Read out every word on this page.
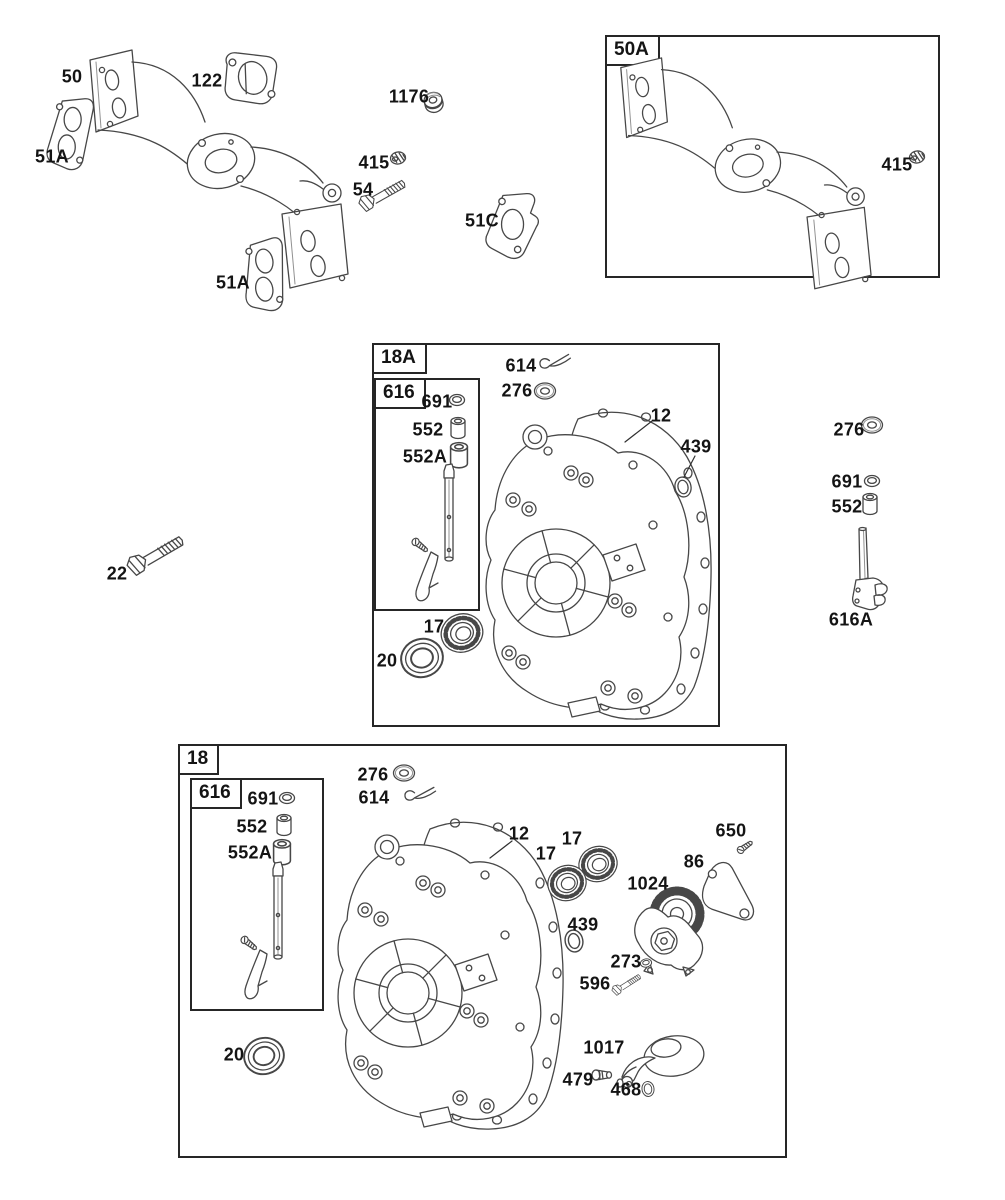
50A
18A
616
18
616
50	122
51A
1176
415
54
51C
51A
415
614
276
691
552
552A
12
439
17
20
22
276
691
552
616A
276
614
691
552
552A
12 17
17
1024
86
650
439
273
596
20	1017
479 468
